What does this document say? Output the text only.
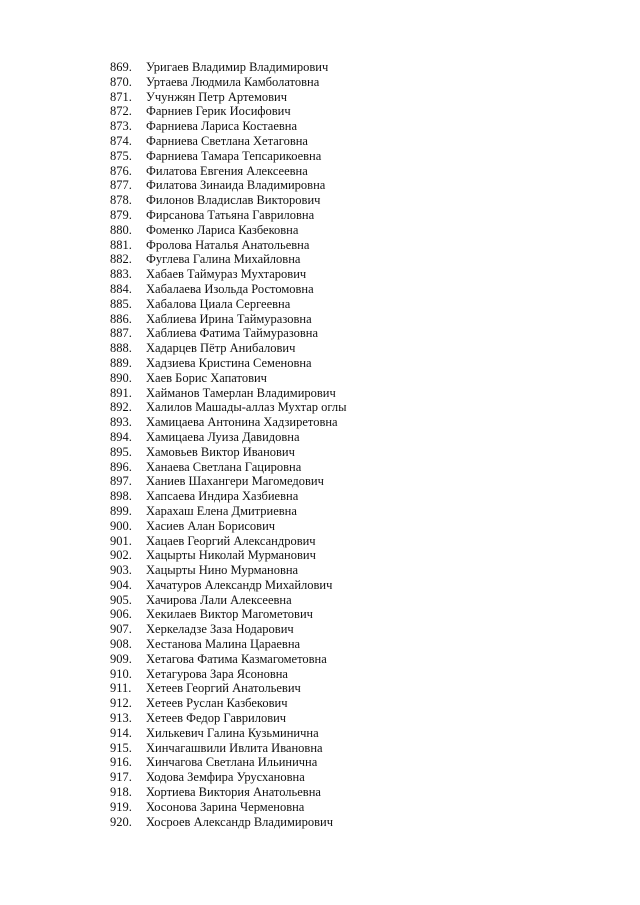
869.	Уригаев Владимир Владимирович
870.	Уртаева Людмила Камболатовна
871.	Учунжян Петр Артемович
872.	Фарниев Герик Иосифович
873.	Фарниева Лариса Костаевна
874.	Фарниева Светлана Хетаговна
875.	Фарниева Тамара Тепсарикоевна
876.	Филатова Евгения Алексеевна
877.	Филатова Зинаида Владимировна
878.	Филонов Владислав Викторович
879.	Фирсанова Татьяна Гавриловна
880.	Фоменко Лариса Казбековна
881.	Фролова Наталья Анатольевна
882.	Фуглева Галина Михайловна
883.	Хабаев Таймураз Мухтарович
884.	Хабалаева Изольда Ростомовна
885.	Хабалова Циала Сергеевна
886.	Хаблиева Ирина Таймуразовна
887.	Хаблиева Фатима Таймуразовна
888.	Хадарцев Пётр Анибалович
889.	Хадзиева Кристина Семеновна
890.	Хаев Борис Хапатович
891.	Хайманов Тамерлан Владимирович
892.	Халилов Машады-аллаз Мухтар оглы
893.	Хамицаева Антонина Хадзиретовна
894.	Хамицаева Луиза Давидовна
895.	Хамовьев Виктор Иванович
896.	Ханаева Светлана Гацировна
897.	Ханиев Шахангери Магомедович
898.	Хапсаева Индира Хазбиевна
899.	Харахаш Елена Дмитриевна
900.	Хасиев Алан Борисович
901.	Хацаев Георгий Александрович
902.	Хацырты Николай Мурманович
903.	Хацырты Нино Мурмановна
904.	Хачатуров Александр Михайлович
905.	Хачирова Лали Алексеевна
906.	Хекилаев Виктор Магометович
907.	Херкеладзе Заза Нодарович
908.	Хестанова Малина Цараевна
909.	Хетагова Фатима Казмагометовна
910.	Хетагурова Зара Ясоновна
911.	Хетеев Георгий Анатольевич
912.	Хетеев Руслан Казбекович
913.	Хетеев Федор Гаврилович
914.	Хилькевич Галина Кузьминична
915.	Хинчагашвили Ивлита Ивановна
916.	Хинчагова Светлана Ильинична
917.	Ходова Земфира Урусхановна
918.	Хортиева Виктория Анатольевна
919.	Хосонова Зарина Черменовна
920.	Хосроев Александр Владимирович
